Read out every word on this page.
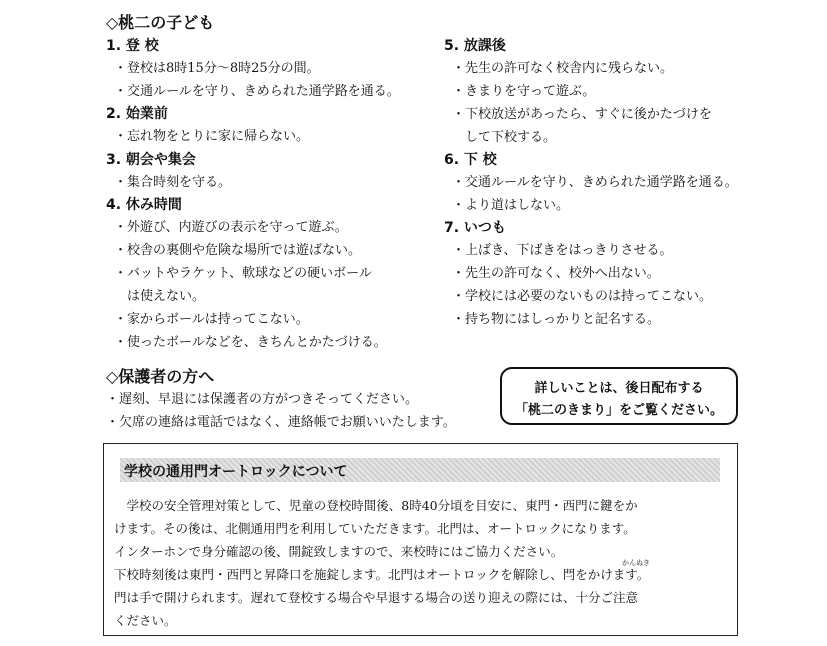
◇桃二の子ども
1. 登 校
・登校は8時15分〜8時25分の間。
・交通ルールを守り、きめられた通学路を通る。
2. 始業前
・忘れ物をとりに家に帰らない。
3. 朝会や集会
・集合時刻を守る。
4. 休み時間
・外遊び、内遊びの表示を守って遊ぶ。
・校舎の裏側や危険な場所では遊ばない。
・バットやラケット、軟球などの硬いボール
　は使えない。
・家からボールは持ってこない。
・使ったボールなどを、きちんとかたづける。
5. 放課後
・先生の許可なく校舎内に残らない。
・きまりを守って遊ぶ。
・下校放送があったら、すぐに後かたづけを
　して下校する。
6. 下 校
・交通ルールを守り、きめられた通学路を通る。
・より道はしない。
7. いつも
・上ばき、下ばきをはっきりさせる。
・先生の許可なく、校外へ出ない。
・学校には必要のないものは持ってこない。
・持ち物にはしっかりと記名する。
◇保護者の方へ
・遅刻、早退には保護者の方がつきそってください。
・欠席の連絡は電話ではなく、連絡帳でお願いいたします。
詳しいことは、後日配布する
「桃二のきまり」をご覧ください。
学校の通用門オートロックについて
　学校の安全管理対策として、児童の登校時間後、8時40分頃を目安に、東門・西門に鍵をか
けます。その後は、北側通用門を利用していただきます。北門は、オートロックになります。
インターホンで身分確認の後、開錠致しますので、来校時にはご協力ください。
かんぬき
下校時刻後は東門・西門と昇降口を施錠します。北門はオートロックを解除し、閂をかけます。
門は手で開けられます。遅れて登校する場合や早退する場合の送り迎えの際には、十分ご注意
ください。
